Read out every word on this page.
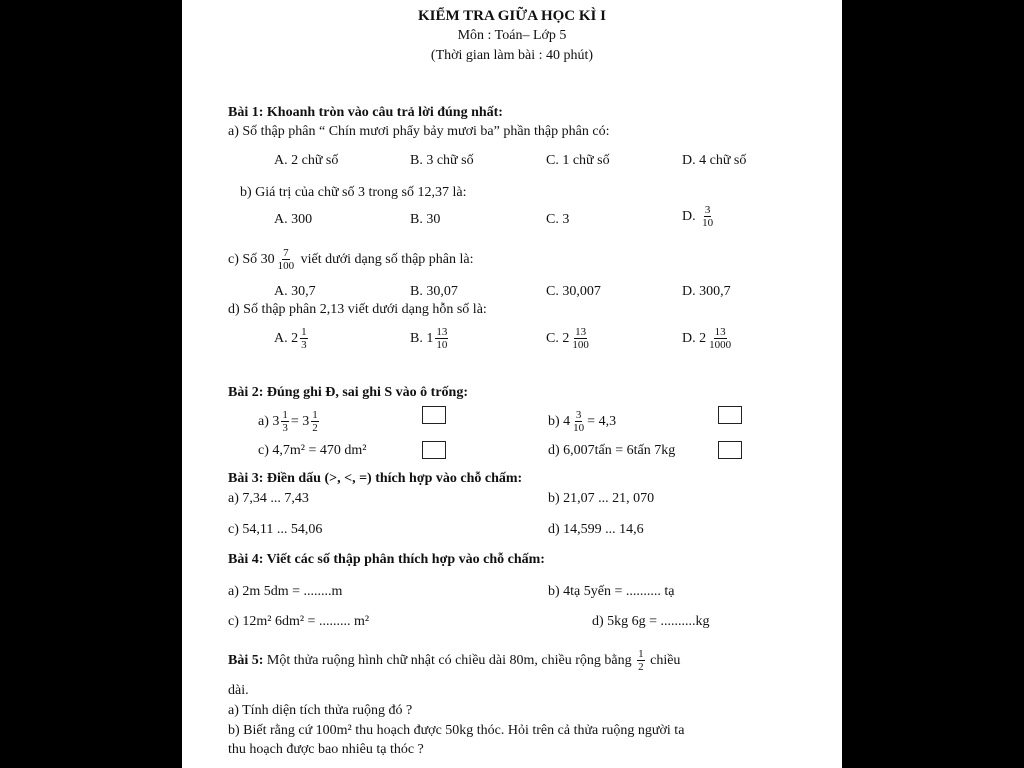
KIỂM TRA GIỮA HỌC KÌ I
Môn : Toán– Lớp 5
(Thời gian làm bài : 40 phút)
Bài 1: Khoanh tròn vào câu trả lời đúng nhất:
a) Số thập phân “ Chín mươi phẩy bảy mươi ba” phần thập phân có:
A. 2 chữ số	B. 3 chữ số	C. 1 chữ số	D. 4 chữ số
b) Giá trị của chữ số 3 trong số 12,37 là:
A. 300	B. 30	C. 3	D. $\frac{3}{10}$
c) Số $30 \frac{7}{100}$ viết dưới dạng số thập phân là:
A. 30,7	B. 30,07	C. 30,007	D. 300,7
d) Số thập phân 2,13 viết dưới dạng hỗn số là:
A. $2 \frac{1}{3}$	B. $1 \frac{13}{10}$	C. $2 \frac{13}{100}$	D. $2 \frac{13}{1000}$
Bài 2: Đúng ghi Đ, sai ghi S vào ô trống:
a) $3 \frac{1}{3} = 3 \frac{1}{2}$	b) $4 \frac{3}{10} = 4,3$
c) 4,7m² = 470 dm²	d) 6,007tấn = 6tấn 7kg
Bài 3: Điền dấu (>, <, =) thích hợp vào chỗ chấm:
a) 7,34 ... 7,43	b) 21,07 ... 21, 070
c) 54,11 ... 54,06	d) 14,599 ... 14,6
Bài 4: Viết các số thập phân thích hợp vào chỗ chấm:
a) 2m 5dm = ........m	b) 4tạ 5yến = .......... tạ
c) 12m² 6dm² = ......... m²	d) 5kg 6g = ..........kg
Bài 5: Một thửa ruộng hình chữ nhật có chiều dài 80m, chiều rộng bằng $\frac{1}{2}$ chiều
dài.
a) Tính diện tích thửa ruộng đó ?
b) Biết rằng cứ 100m² thu hoạch được 50kg thóc. Hỏi trên cả thửa ruộng người ta
thu hoạch được bao nhiêu tạ thóc ?
